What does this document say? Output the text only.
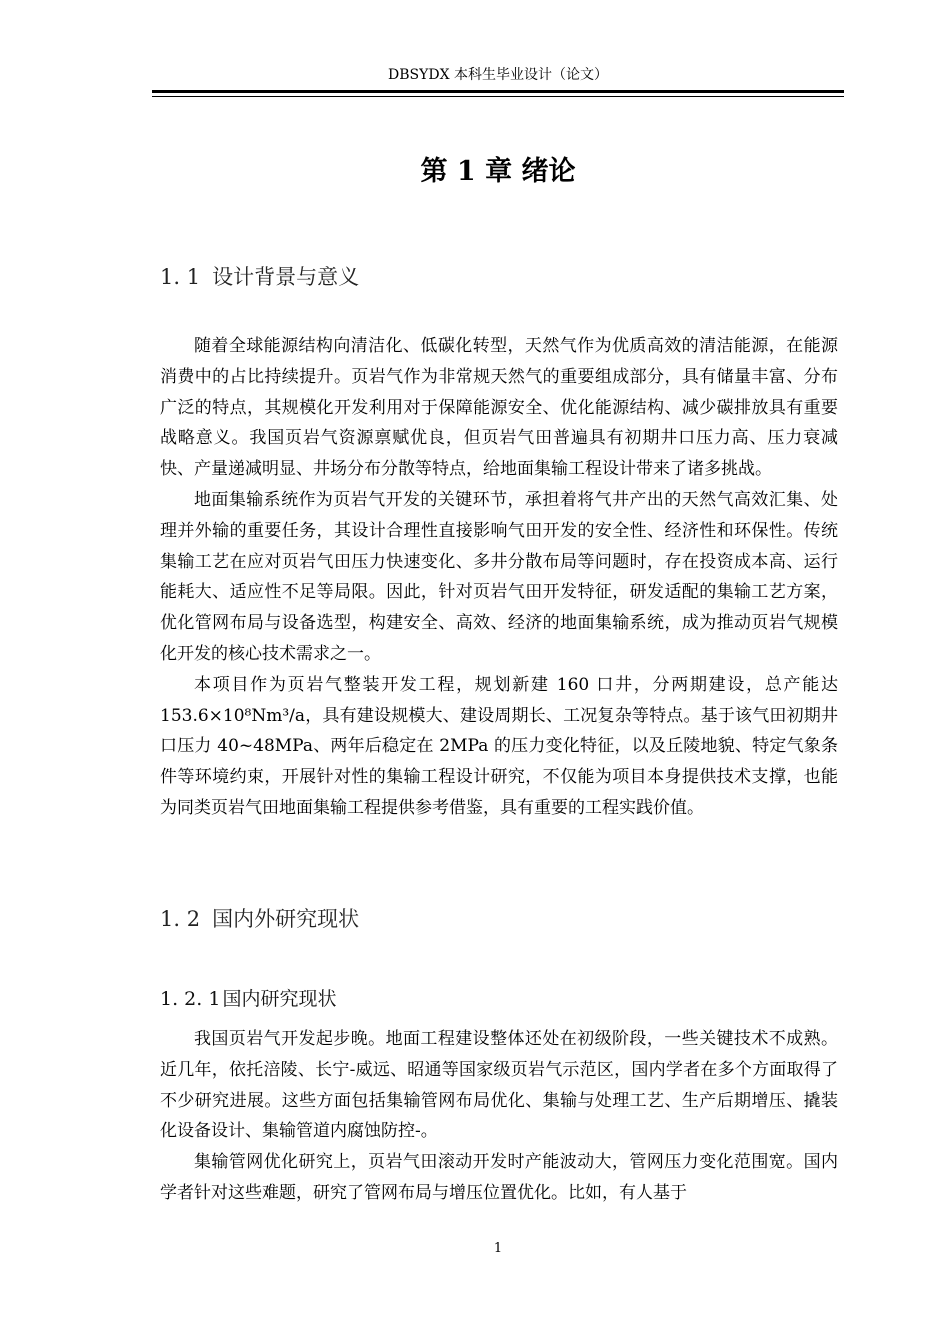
DBSYDX 本科生毕业设计（论文）
第 1 章 绪论
1. 1 设计背景与意义

随着全球能源结构向清洁化、低碳化转型，天然气作为优质高效的清洁能源，在能源消费中的占比持续提升。页岩气作为非常规天然气的重要组成部分，具有储量丰富、分布广泛的特点，其规模化开发利用对于保障能源安全、优化能源结构、减少碳排放具有重要战略意义。我国页岩气资源禀赋优良，但页岩气田普遍具有初期井口压力高、压力衰减快、产量递减明显、井场分布分散等特点，给地面集输工程设计带来了诸多挑战。

地面集输系统作为页岩气开发的关键环节，承担着将气井产出的天然气高效汇集、处理并外输的重要任务，其设计合理性直接影响气田开发的安全性、经济性和环保性。传统集输工艺在应对页岩气田压力快速变化、多井分散布局等问题时，存在投资成本高、运行能耗大、适应性不足等局限。因此，针对页岩气田开发特征，研发适配的集输工艺方案，优化管网布局与设备选型，构建安全、高效、经济的地面集输系统，成为推动页岩气规模化开发的核心技术需求之一。

本项目作为页岩气整装开发工程，规划新建 160 口井，分两期建设，总产能达 153.6×10⁸Nm³/a，具有建设规模大、建设周期长、工况复杂等特点。基于该气田初期井口压力 40~48MPa、两年后稳定在 2MPa 的压力变化特征，以及丘陵地貌、特定气象条件等环境约束，开展针对性的集输工程设计研究，不仅能为项目本身提供技术支撑，也能为同类页岩气田地面集输工程提供参考借鉴，具有重要的工程实践价值。

1. 2 国内外研究现状
1. 2. 1 国内研究现状

我国页岩气开发起步晚。地面工程建设整体还处在初级阶段，一些关键技术不成熟。近几年，依托涪陵、长宁-威远、昭通等国家级页岩气示范区，国内学者在多个方面取得了不少研究进展。这些方面包括集输管网布局优化、集输与处理工艺、生产后期增压、撬装化设备设计、集输管道内腐蚀防控-。

集输管网优化研究上，页岩气田滚动开发时产能波动大，管网压力变化范围宽。国内学者针对这些难题，研究了管网布局与增压位置优化。比如，有人基于

1
